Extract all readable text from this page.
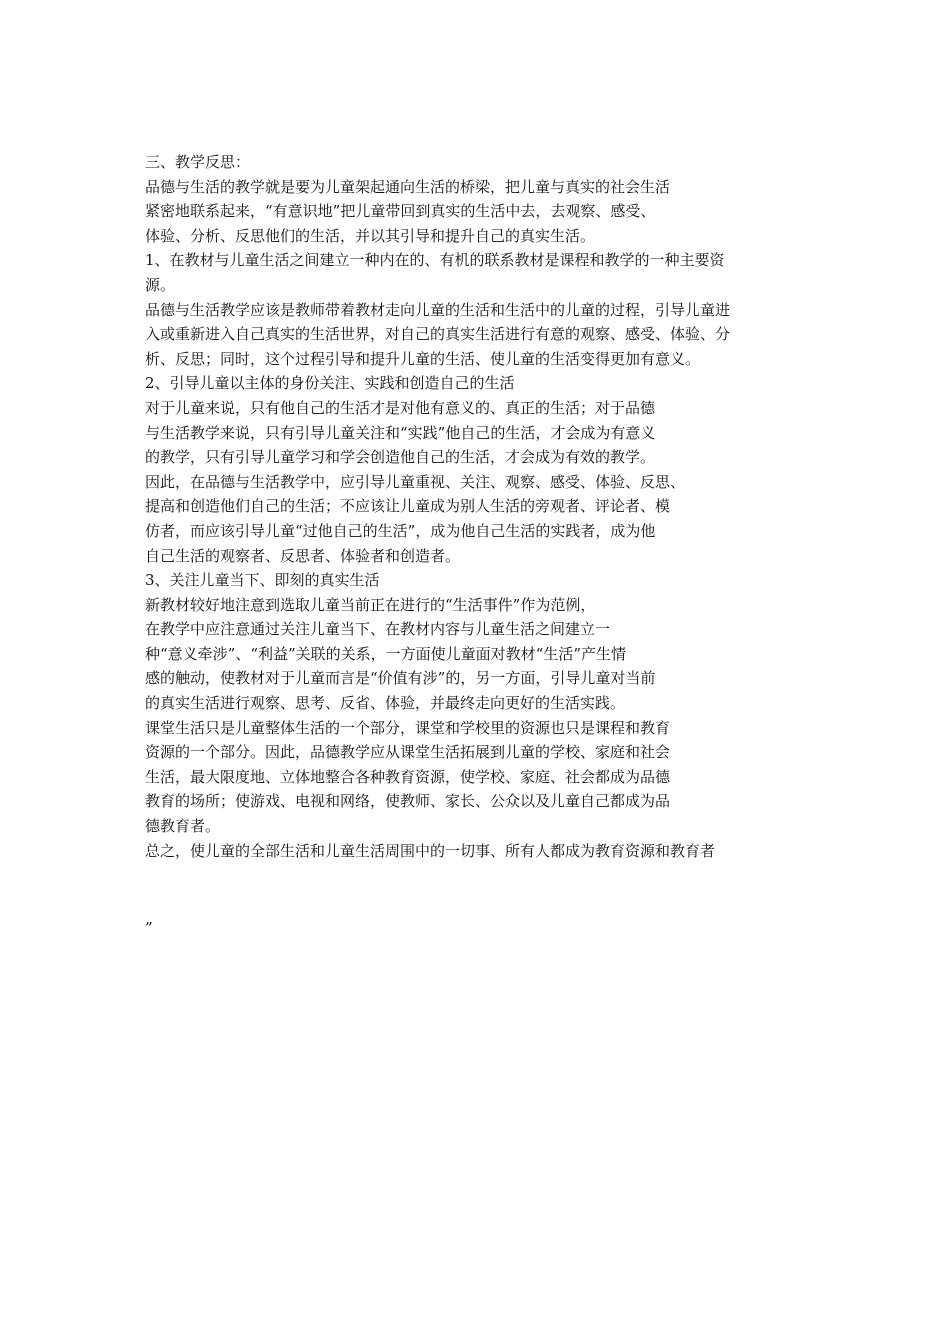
三、教学反思：
品德与生活的教学就是要为儿童架起通向生活的桥梁，把儿童与真实的社会生活
紧密地联系起来，“有意识地”把儿童带回到真实的生活中去，去观察、感受、
体验、分析、反思他们的生活，并以其引导和提升自己的真实生活。
1、在教材与儿童生活之间建立一种内在的、有机的联系教材是课程和教学的一种主要资
源。
品德与生活教学应该是教师带着教材走向儿童的生活和生活中的儿童的过程，引导儿童进
入或重新进入自己真实的生活世界，对自己的真实生活进行有意的观察、感受、体验、分
析、反思；同时，这个过程引导和提升儿童的生活、使儿童的生活变得更加有意义。
2、引导儿童以主体的身份关注、实践和创造自己的生活
对于儿童来说，只有他自己的生活才是对他有意义的、真正的生活；对于品德
与生活教学来说，只有引导儿童关注和“实践”他自己的生活，才会成为有意义
的教学，只有引导儿童学习和学会创造他自己的生活，才会成为有效的教学。
因此，在品德与生活教学中，应引导儿童重视、关注、观察、感受、体验、反思、
提高和创造他们自己的生活；不应该让儿童成为别人生活的旁观者、评论者、模
仿者，而应该引导儿童“过他自己的生活”，成为他自己生活的实践者，成为他
自己生活的观察者、反思者、体验者和创造者。
3、关注儿童当下、即刻的真实生活
新教材较好地注意到选取儿童当前正在进行的“生活事件”作为范例，
在教学中应注意通过关注儿童当下、在教材内容与儿童生活之间建立一
种“意义牵涉”、“利益”关联的关系，一方面使儿童面对教材“生活”产生情
感的触动，使教材对于儿童而言是“价值有涉”的，另一方面，引导儿童对当前
的真实生活进行观察、思考、反省、体验，并最终走向更好的生活实践。
课堂生活只是儿童整体生活的一个部分，课堂和学校里的资源也只是课程和教育
资源的一个部分。因此，品德教学应从课堂生活拓展到儿童的学校、家庭和社会
生活，最大限度地、立体地整合各种教育资源，使学校、家庭、社会都成为品德
教育的场所；使游戏、电视和网络，使教师、家长、公众以及儿童自己都成为品
德教育者。
总之，使儿童的全部生活和儿童生活周围中的一切事、所有人都成为教育资源和教育者
”
